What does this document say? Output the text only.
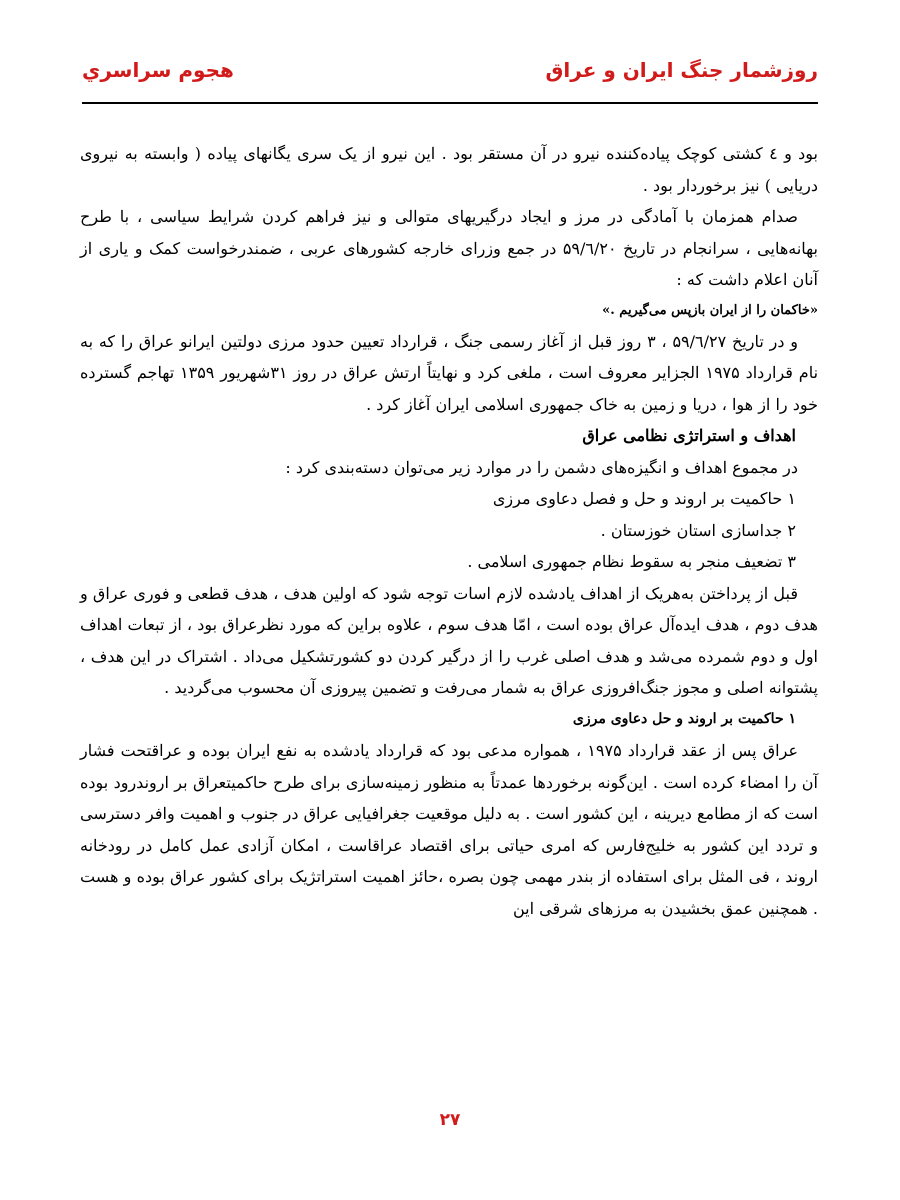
روزشمار جنگ ایران و عراق
هجوم سراسري

بود و ٤ کشتی کوچک پیاده‌کننده نیرو در آن مستقر بود . این نیرو از یک سری یگانهای پیاده ( وابسته به نیروی دریایی ) نیز برخوردار بود .

صدام همزمان با آمادگی در مرز و ایجاد درگیریهای متوالی و نیز فراهم کردن شرایط سیاسی ، با طرح بهانه‌هایی ، سرانجام در تاریخ ۵۹/٦/۲۰ در جمع وزرای خارجه کشورهای عربی ، ضمندرخواست کمک و یاری از آنان اعلام داشت که :

«خاکمان را از ایران بازپس می‌گیریم .»

و در تاریخ ۵۹/٦/۲۷ ، ۳ روز قبل از آغاز رسمی جنگ ، قرارداد تعیین حدود مرزی دولتین ایرانو عراق را که به نام قرارداد ۱۹۷۵ الجزایر معروف است ، ملغی کرد و نهایتاً ارتش عراق در روز ۳۱شهریور ۱۳۵۹ تهاجم گسترده خود را از هوا ، دریا و زمین به خاک جمهوری اسلامی ایران آغاز کرد .

اهداف و استراتژی نظامی عراق

در مجموع اهداف و انگیزه‌های دشمن را در موارد زیر می‌توان دسته‌بندی کرد :

۱ حاکمیت بر اروند و حل و فصل دعاوی مرزی

۲ جداسازی استان خوزستان .

۳ تضعیف منجر به سقوط نظام جمهوری اسلامی .

قبل از پرداختن به‌هریک از اهداف یادشده لازم اسات توجه شود که اولین هدف ، هدف قطعی و فوری عراق و هدف دوم ، هدف ایده‌آل عراق بوده است ، امّا هدف سوم ، علاوه براین که مورد نظرعراق بود ، از تبعات اهداف اول و دوم شمرده می‌شد و هدف اصلی غرب را از درگیر کردن دو کشورتشکیل می‌داد . اشتراک در این هدف ، پشتوانه اصلی و مجوز جنگ‌افروزی عراق به شمار می‌رفت و تضمین پیروزی آن محسوب می‌گردید .

۱ حاکمیت بر اروند و حل دعاوی مرزی

عراق پس از عقد قرارداد ۱۹۷۵ ، همواره مدعی بود که قرارداد یادشده به نفع ایران بوده و عراقتحت فشار آن را امضاء کرده است . این‌گونه برخوردها عمدتاً به منظور زمینه‌سازی برای طرح حاکمیتعراق بر اروندرود بوده است که از مطامع دیرینه ، این کشور است . به دلیل موقعیت جغرافیایی عراق در جنوب و اهمیت وافر دسترسی و تردد این کشور به خلیج‌فارس که امری حیاتی برای اقتصاد عراقاست ، امکان آزادی عمل کامل در رودخانه اروند ، فی المثل برای استفاده از بندر مهمی چون بصره ،حائز اهمیت استراتژیک برای کشور عراق بوده و هست . همچنین عمق بخشیدن به مرزهای شرقی این

۲۷
